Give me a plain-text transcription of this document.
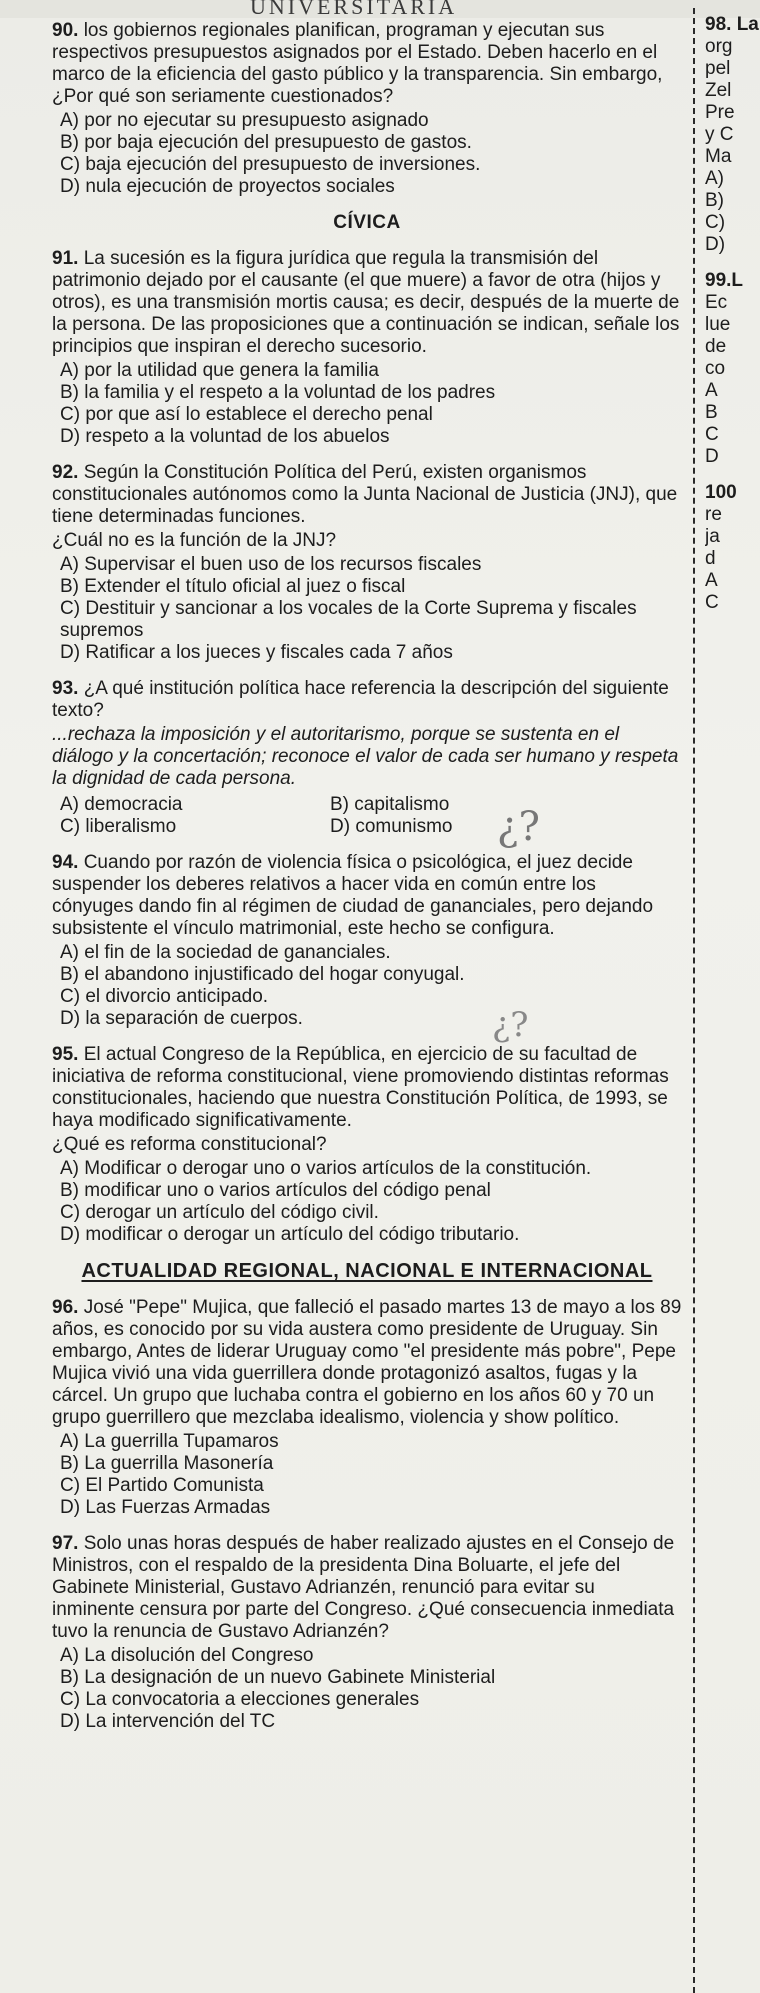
UNIVERSITARIA

90. los gobiernos regionales planifican, programan y ejecutan sus respectivos presupuestos asignados por el Estado. Deben hacerlo en el marco de la eficiencia del gasto público y la transparencia. Sin embargo, ¿Por qué son seriamente cuestionados?

A) por no ejecutar su presupuesto asignado
B) por baja ejecución del presupuesto de gastos.
C) baja ejecución del presupuesto de inversiones.
D) nula ejecución de proyectos sociales
CÍVICA

91. La sucesión es la figura jurídica que regula la transmisión del patrimonio dejado por el causante (el que muere) a favor de otra (hijos y otros), es una transmisión mortis causa; es decir, después de la muerte de la persona. De las proposiciones que a continuación se indican, señale los principios que inspiran el derecho sucesorio.

A) por la utilidad que genera la familia
B) la familia y el respeto a la voluntad de los padres
C) por que así lo establece el derecho penal
D) respeto a la voluntad de los abuelos

92. Según la Constitución Política del Perú, existen organismos constitucionales autónomos como la Junta Nacional de Justicia (JNJ), que tiene determinadas funciones.

¿Cuál no es la función de la JNJ?

A) Supervisar el buen uso de los recursos fiscales
B) Extender el título oficial al juez o fiscal
C) Destituir y sancionar a los vocales de la Corte Suprema y fiscales supremos
D) Ratificar a los jueces y fiscales cada 7 años

93. ¿A qué institución política hace referencia la descripción del siguiente texto?

...rechaza la imposición y el autoritarismo, porque se sustenta en el diálogo y la concertación; reconoce el valor de cada ser humano y respeta la dignidad de cada persona.

A) democracia	B) capitalismo
C) liberalismo	D) comunismo	¿?

94. Cuando por razón de violencia física o psicológica, el juez decide suspender los deberes relativos a hacer vida en común entre los cónyuges dando fin al régimen de ciudad de gananciales, pero dejando subsistente el vínculo matrimonial, este hecho se configura.

A) el fin de la sociedad de gananciales.
B) el abandono injustificado del hogar conyugal.
C) el divorcio anticipado.
D) la separación de cuerpos.	¿?

95. El actual Congreso de la República, en ejercicio de su facultad de iniciativa de reforma constitucional, viene promoviendo distintas reformas constitucionales, haciendo que nuestra Constitución Política, de 1993, se haya modificado significativamente.

¿Qué es reforma constitucional?

A) Modificar o derogar uno o varios artículos de la constitución.
B) modificar uno o varios artículos del código penal
C) derogar un artículo del código civil.
D) modificar o derogar un artículo del código tributario.
ACTUALIDAD REGIONAL, NACIONAL E INTERNACIONAL

96. José "Pepe" Mujica, que falleció el pasado martes 13 de mayo a los 89 años, es conocido por su vida austera como presidente de Uruguay. Sin embargo, Antes de liderar Uruguay como "el presidente más pobre", Pepe Mujica vivió una vida guerrillera donde protagonizó asaltos, fugas y la cárcel. Un grupo que luchaba contra el gobierno en los años 60 y 70 un grupo guerrillero que mezclaba idealismo, violencia y show político.

A) La guerrilla Tupamaros
B) La guerrilla Masonería
C) El Partido Comunista
D) Las Fuerzas Armadas

97. Solo unas horas después de haber realizado ajustes en el Consejo de Ministros, con el respaldo de la presidenta Dina Boluarte, el jefe del Gabinete Ministerial, Gustavo Adrianzén, renunció para evitar su inminente censura por parte del Congreso. ¿Qué consecuencia inmediata tuvo la renuncia de Gustavo Adrianzén?

A) La disolución del Congreso
B) La designación de un nuevo Gabinete Ministerial
C) La convocatoria a elecciones generales
D) La intervención del TC
98. La
org
pel
Zel
Pre
y C
Ma
A)
B)
C)
D)
99.L
Ec
lue
de
co
A
B
C
D
100
re
ja
d
A
C
